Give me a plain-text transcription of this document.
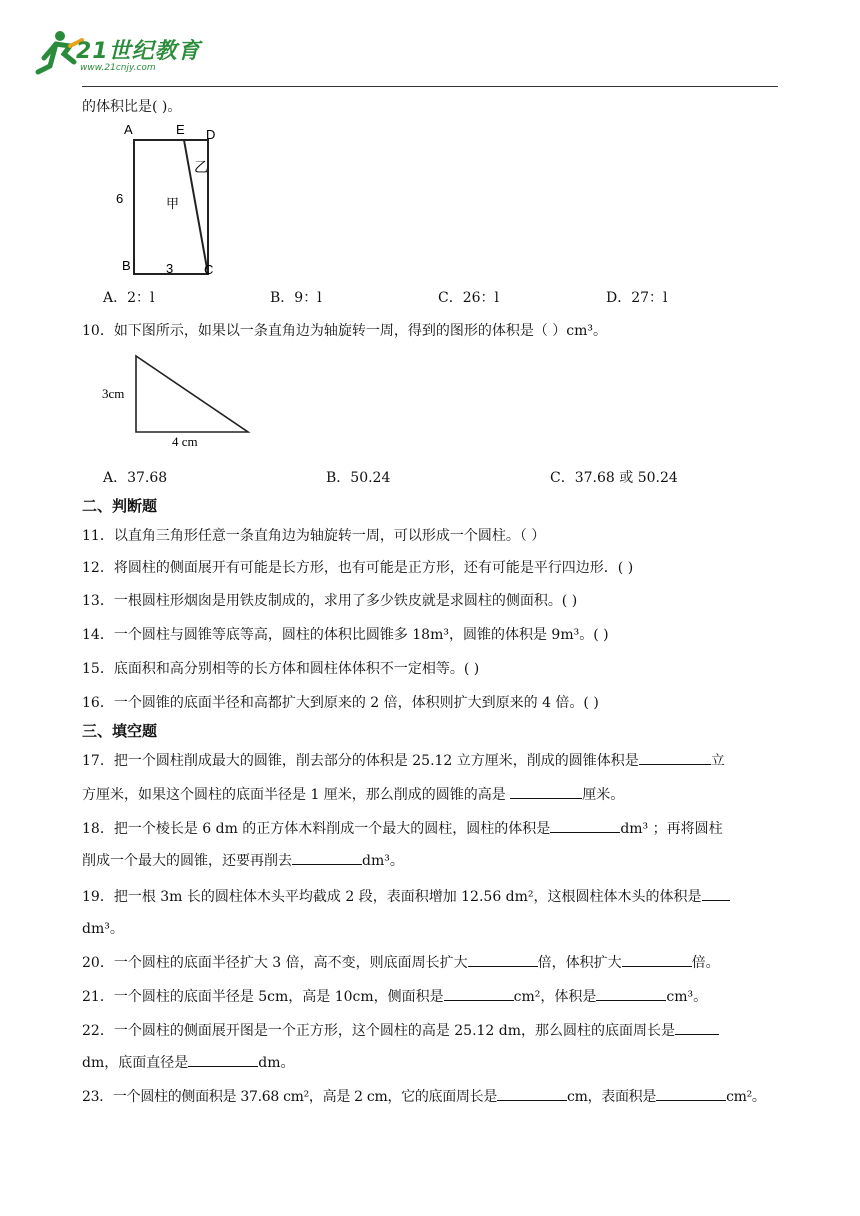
21世纪教育
www.21cnjy.com
的体积比是( )。
A	E D
B	C
乙
甲
6
3
A．2：l	B．9：l	C．26：l	D．27：l
10．如下图所示，如果以一条直角边为轴旋转一周，得到的图形的体积是（ ）cm³。
3cm
4 cm
A．37.68	B．50.24	C．37.68 或 50.24
二、判断题
11．以直角三角形任意一条直角边为轴旋转一周，可以形成一个圆柱。（ ）
12．将圆柱的侧面展开有可能是长方形，也有可能是正方形，还有可能是平行四边形．( )
13．一根圆柱形烟囱是用铁皮制成的，求用了多少铁皮就是求圆柱的侧面积。( )
14．一个圆柱与圆锥等底等高，圆柱的体积比圆锥多 18m³，圆锥的体积是 9m³。( )
15．底面积和高分别相等的长方体和圆柱体体积不一定相等。( )
16．一个圆锥的底面半径和高都扩大到原来的 2 倍，体积则扩大到原来的 4 倍。( )
三、填空题
17．把一个圆柱削成最大的圆锥，削去部分的体积是 25.12 立方厘米，削成的圆锥体积是	立
方厘米，如果这个圆柱的底面半径是 1 厘米，那么削成的圆锥的高是	厘米。
18．把一个棱长是 6 dm 的正方体木料削成一个最大的圆柱，圆柱的体积是	dm³ ；再将圆柱
削成一个最大的圆锥，还要再削去	dm³。
19．把一根 3m 长的圆柱体木头平均截成 2 段，表面积增加 12.56 dm²，这根圆柱体木头的体积是
dm³。
20．一个圆柱的底面半径扩大 3 倍，高不变，则底面周长扩大	倍，体积扩大	倍。
21．一个圆柱的底面半径是 5cm，高是 10cm，侧面积是	cm²，体积是	cm³。
22．一个圆柱的侧面展开图是一个正方形，这个圆柱的高是 25.12 dm，那么圆柱的底面周长是
dm，底面直径是	dm。
23．一个圆柱的侧面积是 37.68 cm²，高是 2 cm，它的底面周长是	cm，表面积是	cm²。
